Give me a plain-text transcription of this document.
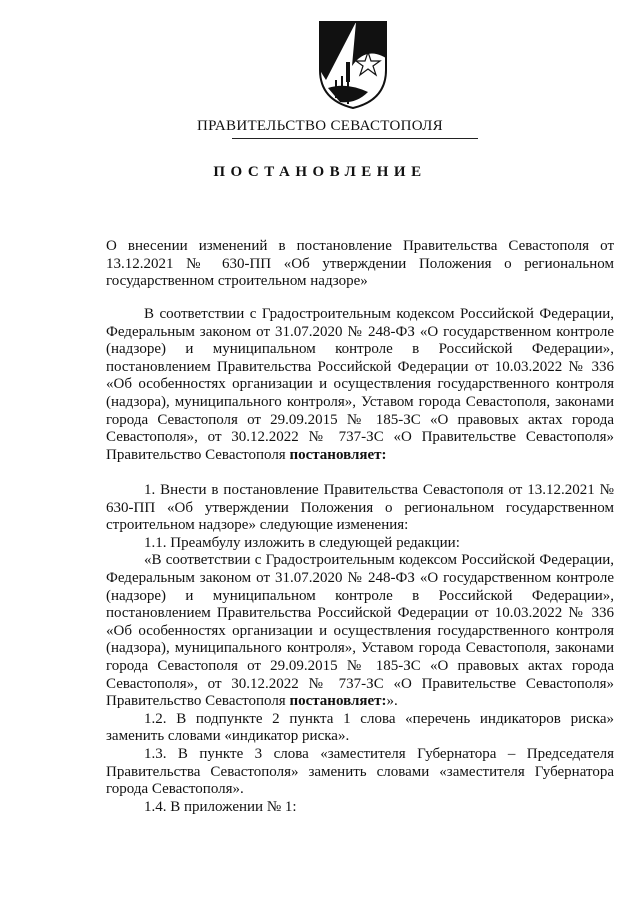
ПРАВИТЕЛЬСТВО СЕВАСТОПОЛЯ
ПОСТАНОВЛЕНИЕ
О внесении изменений в постановление Правительства Севастополя от 13.12.2021 № 630-ПП «Об утверждении Положения о региональном государственном строительном надзоре»
В соответствии с Градостроительным кодексом Российской Федерации, Федеральным законом от 31.07.2020 № 248-ФЗ «О государственном контроле (надзоре) и муниципальном контроле в Российской Федерации», постановлением Правительства Российской Федерации от 10.03.2022 № 336 «Об особенностях организации и осуществления государственного контроля (надзора), муниципального контроля», Уставом города Севастополя, законами города Севастополя от 29.09.2015 № 185-ЗС «О правовых актах города Севастополя», от 30.12.2022 № 737-ЗС «О Правительстве Севастополя» Правительство Севастополя постановляет:

1. Внести в постановление Правительства Севастополя от 13.12.2021 № 630-ПП «Об утверждении Положения о региональном государственном строительном надзоре» следующие изменения:

1.1. Преамбулу изложить в следующей редакции:

«В соответствии с Градостроительным кодексом Российской Федерации, Федеральным законом от 31.07.2020 № 248-ФЗ «О государственном контроле (надзоре) и муниципальном контроле в Российской Федерации», постановлением Правительства Российской Федерации от 10.03.2022 № 336 «Об особенностях организации и осуществления государственного контроля (надзора), муниципального контроля», Уставом города Севастополя, законами города Севастополя от 29.09.2015 № 185-ЗС «О правовых актах города Севастополя», от 30.12.2022 № 737-ЗС «О Правительстве Севастополя» Правительство Севастополя постановляет:».

1.2. В подпункте 2 пункта 1 слова «перечень индикаторов риска» заменить словами «индикатор риска».

1.3. В пункте 3 слова «заместителя Губернатора – Председателя Правительства Севастополя» заменить словами «заместителя Губернатора города Севастополя».

1.4. В приложении № 1:
